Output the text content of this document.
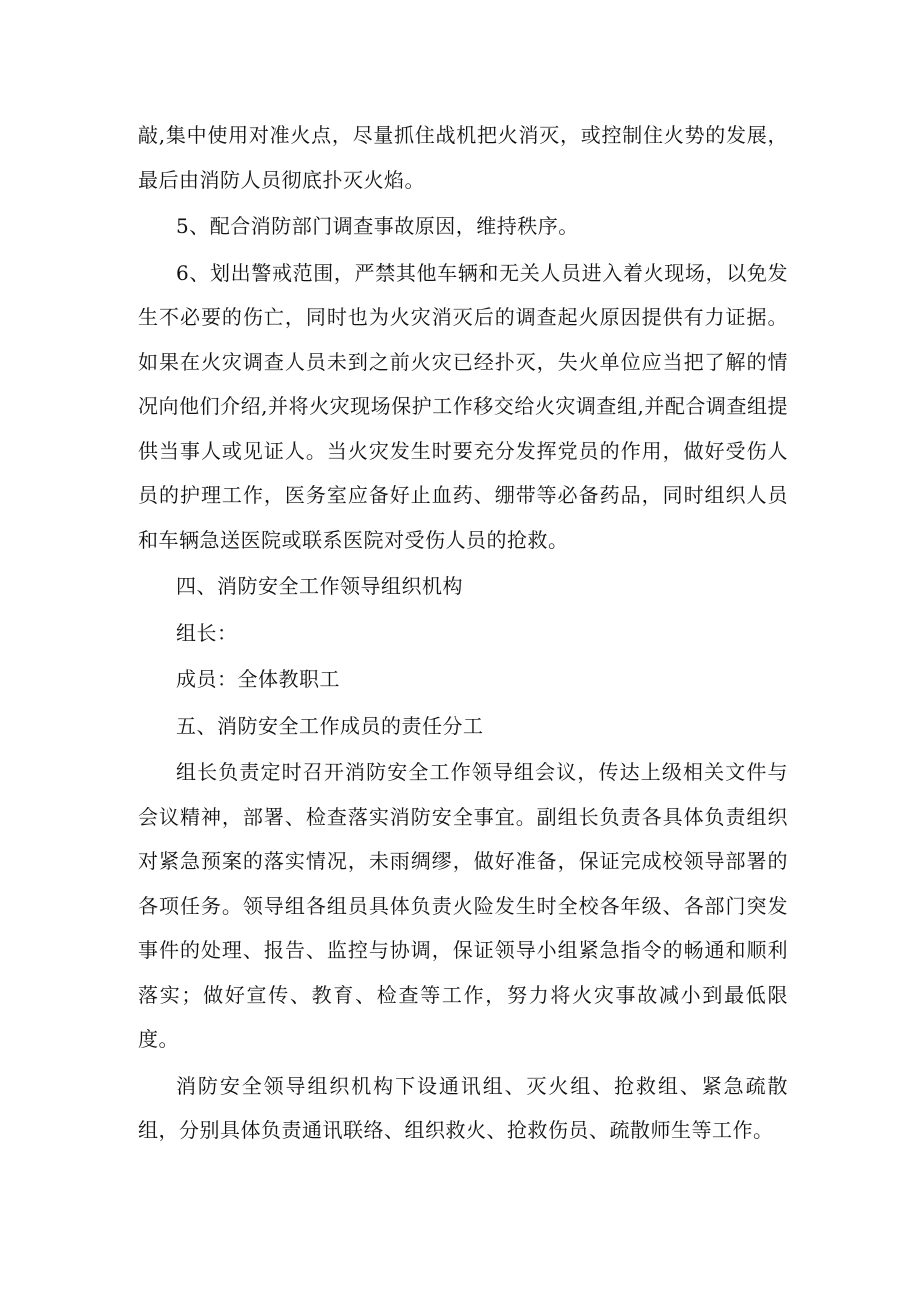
敲,集中使用对准火点，尽量抓住战机把火消灭，或控制住火势的发展，最后由消防人员彻底扑灭火焰。

5、配合消防部门调查事故原因，维持秩序。

6、划出警戒范围，严禁其他车辆和无关人员进入着火现场，以免发生不必要的伤亡，同时也为火灾消灭后的调查起火原因提供有力证据。如果在火灾调查人员未到之前火灾已经扑灭，失火单位应当把了解的情况向他们介绍,并将火灾现场保护工作移交给火灾调查组,并配合调查组提供当事人或见证人。当火灾发生时要充分发挥党员的作用，做好受伤人员的护理工作，医务室应备好止血药、绷带等必备药品，同时组织人员和车辆急送医院或联系医院对受伤人员的抢救。

四、消防安全工作领导组织机构

组长：

成员：全体教职工

五、消防安全工作成员的责任分工

组长负责定时召开消防安全工作领导组会议，传达上级相关文件与会议精神，部署、检查落实消防安全事宜。副组长负责各具体负责组织对紧急预案的落实情况，未雨绸缪，做好准备，保证完成校领导部署的各项任务。领导组各组员具体负责火险发生时全校各年级、各部门突发事件的处理、报告、监控与协调，保证领导小组紧急指令的畅通和顺利落实；做好宣传、教育、检查等工作，努力将火灾事故减小到最低限度。

消防安全领导组织机构下设通讯组、灭火组、抢救组、紧急疏散组，分别具体负责通讯联络、组织救火、抢救伤员、疏散师生等工作。
